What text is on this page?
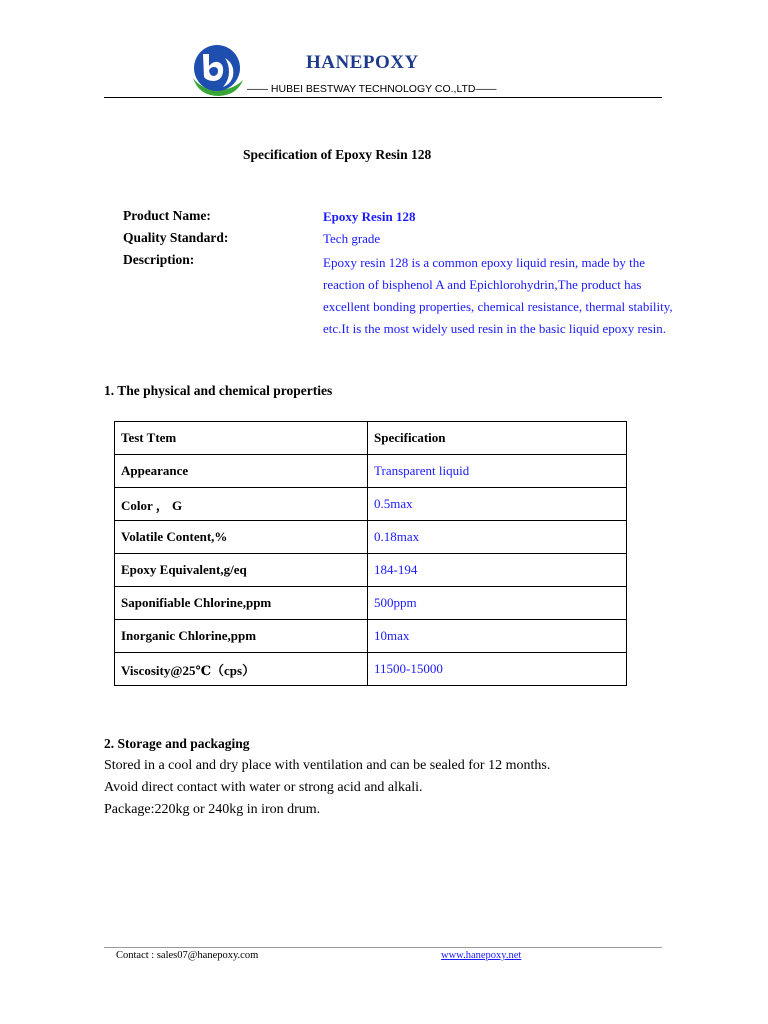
HANEPOXY
—— HUBEI BESTWAY TECHNOLOGY CO.,LTD——
Specification of Epoxy Resin 128
Product Name:	Epoxy Resin 128
Quality Standard:	Tech grade
Description:	Epoxy resin 128 is a common epoxy liquid resin, made by the reaction of bisphenol A and Epichlorohydrin,The product has excellent bonding properties, chemical resistance, thermal stability, etc.It is the most widely used resin in the basic liquid epoxy resin.
1. The physical and chemical properties
Test Ttem	Specification
Appearance	Transparent liquid
Color ， G	0.5max
Volatile Content,%	0.18max
Epoxy Equivalent,g/eq	184-194
Saponifiable Chlorine,ppm	500ppm
Inorganic Chlorine,ppm	10max
Viscosity@25℃（cps）	11500-15000
2. Storage and packaging
Stored in a cool and dry place with ventilation and can be sealed for 12 months.
Avoid direct contact with water or strong acid and alkali.
Package:220kg or 240kg in iron drum.
Contact : sales07@hanepoxy.com	www.hanepoxy.net
